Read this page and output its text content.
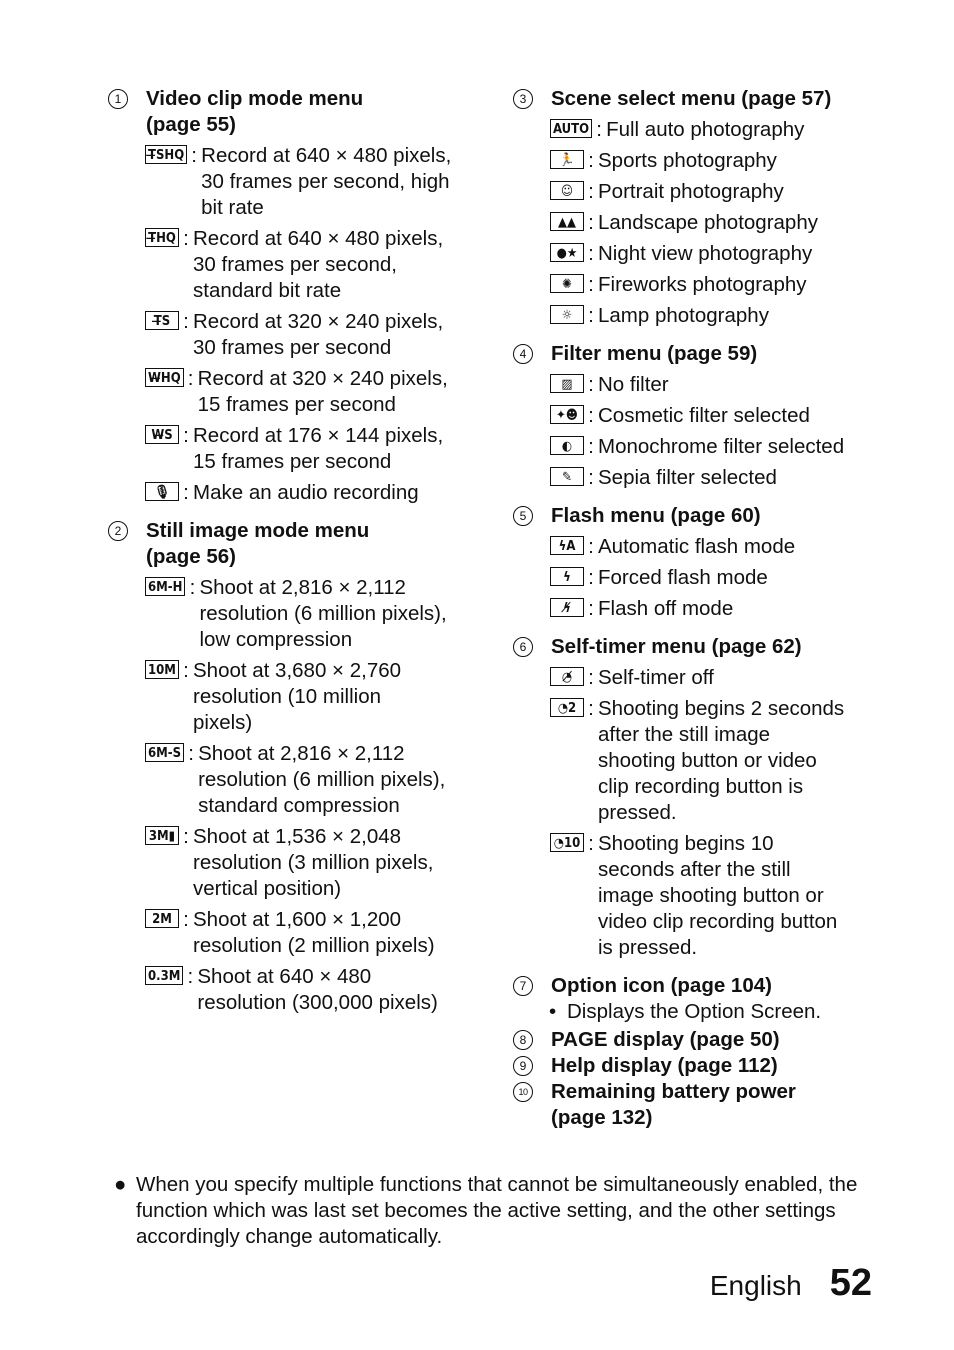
1	Video clip mode menu
(page 55)
T̶SHQ : Record at 640 × 480 pixels,
30 frames per second, high
bit rate
T̶HQ : Record at 640 × 480 pixels,
30 frames per second,
standard bit rate
T̶S : Record at 320 × 240 pixels,
30 frames per second
W̶HQ : Record at 320 × 240 pixels,
15 frames per second
W̶S : Record at 176 × 144 pixels,
15 frames per second
🎙 : Make an audio recording
2	Still image mode menu
(page 56)
6M-H : Shoot at 2,816 × 2,112
resolution (6 million pixels),
low compression
10M : Shoot at 3,680 × 2,760
resolution (10 million
pixels)
6M-S : Shoot at 2,816 × 2,112
resolution (6 million pixels),
standard compression
3M▮ : Shoot at 1,536 × 2,048
resolution (3 million pixels,
vertical position)
2M : Shoot at 1,600 × 1,200
resolution (2 million pixels)
0.3M : Shoot at 640 × 480
resolution (300,000 pixels)
3	Scene select menu (page 57)
AUTO : Full auto photography
🏃 : Sports photography
☺ : Portrait photography
▲▲ : Landscape photography
●★ : Night view photography
✺ : Fireworks photography
☼ : Lamp photography
4	Filter menu (page 59)
▨ : No filter
✦☻ : Cosmetic filter selected
◐ : Monochrome filter selected
✎ : Sepia filter selected
5	Flash menu (page 60)
ϟA : Automatic flash mode
ϟ : Forced flash mode
ϟ̸ : Flash off mode
6	Self-timer menu (page 62)
◔̸ : Self-timer off
◔2 : Shooting begins 2 seconds
after the still image
shooting button or video
clip recording button is
pressed.
◔10 : Shooting begins 10
seconds after the still
image shooting button or
video clip recording button
is pressed.
7	Option icon (page 104)
• Displays the Option Screen.
8	PAGE display (page 50)
9	Help display (page 112)
10 Remaining battery power
(page 132)
● When you specify multiple functions that cannot be simultaneously enabled, the function which was last set becomes the active setting, and the other settings accordingly change automatically.
English 52
